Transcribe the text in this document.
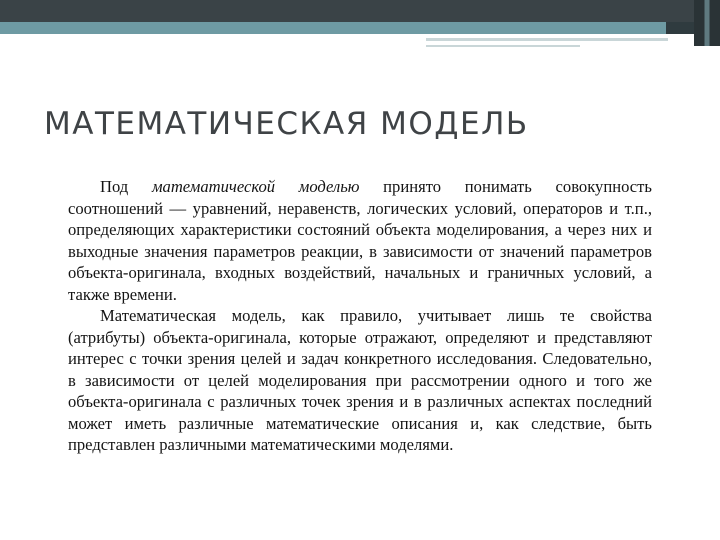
МАТЕМАТИЧЕСКАЯ МОДЕЛЬ

Под математической моделью принято понимать совокупность соотношений — уравнений, неравенств, логических условий, операторов и т.п., определяющих характеристики состояний объекта моделирования, а через них и выходные значения параметров реакции, в зависимости от значений параметров объекта-оригинала, входных воздействий, начальных и граничных условий, а также времени.

Математическая модель, как правило, учитывает лишь те свойства (атрибуты) объекта-оригинала, которые отражают, определяют и представляют интерес с точки зрения целей и задач конкретного исследования. Следовательно, в зависимости от целей моделирования при рассмотрении одного и того же объекта-оригинала с различных точек зрения и в различных аспектах последний может иметь различные математические описания и, как следствие, быть представлен различными математическими моделями.
